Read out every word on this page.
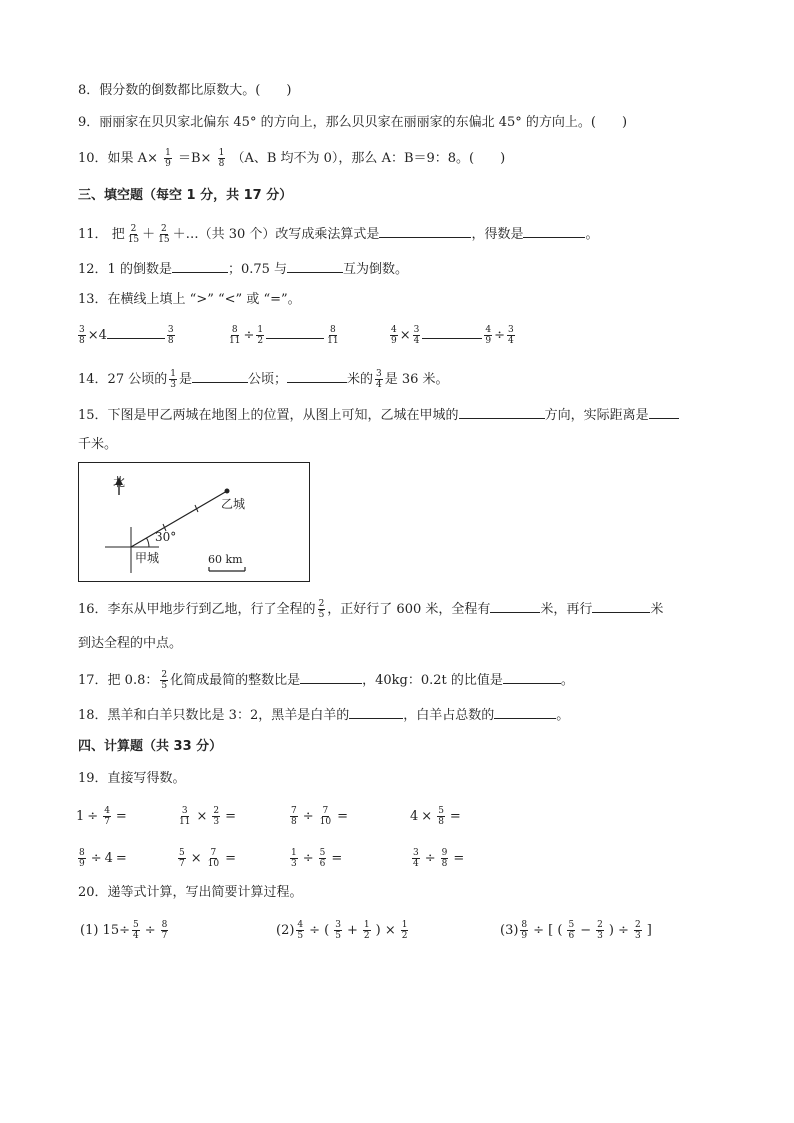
8．假分数的倒数都比原数大。(　　)
9．丽丽家在贝贝家北偏东 45° 的方向上，那么贝贝家在丽丽家的东偏北 45° 的方向上。(　　)
10．如果 $A\times \frac{1}{9} =B\times \frac{1}{8} (A$、B 均不为 0），那么 A：B＝9：8。(　　)
三、填空题（每空 1 分，共 17 分）
11． 把 $\frac{2}{15} + \frac{2}{15}$ ＋…（共 30 个）改写成乘法算式是	，得数是	。
12．1 的倒数是	；0.75 与	互为倒数。
13．在横线上填上 “>” “<” 或 “=”。
$\frac{3}{8} \times 4$	$\frac{3}{8}$	$\frac{8}{11} \div \frac{1}{2}$	$\frac{8}{11}$	$\frac{4}{9} \times \frac{3}{4}$	$\frac{4}{9} \div \frac{3}{4}$
14．27 公顷的 $\frac{1}{3}$ 是	公顷；	米的 $\frac{3}{4}$ 是 36 米。
15．下图是甲乙两城在地图上的位置，从图上可知，乙城在甲城的	方向，实际距离是
千米。
北
乙城
30°
甲城	60 km
16．李东从甲地步行到乙地，行了全程的 $\frac{2}{5}$ ，正好行了 600 米，全程有	米，再行	米
到达全程的中点。
17．把 0.8： $\frac{2}{5}$ 化简成最简的整数比是	，40kg：0.2t 的比值是	。
18．黑羊和白羊只数比是 3：2，黑羊是白羊的	，白羊占总数的	。
四、计算题（共 33 分）
19．直接写得数。
$1 \div \frac{4}{7}$ =	$\frac{3}{11} \times \frac{2}{3}$ =	$\frac{7}{8} \div \frac{7}{10}$ =	$4 \times \frac{5}{8}$ =
$\frac{8}{9} \div 4$ =	$\frac{5}{7} \times \frac{7}{10}$ =	$\frac{1}{3} \div \frac{5}{6}$ =	$\frac{3}{4} \div \frac{9}{8}$ =
20．递等式计算，写出简要计算过程。
(1) $15\div \frac{5}{4} \div \frac{8}{7}$	$(2) \frac{4}{5}$ ÷ ( $\frac{3}{5} + \frac{1}{2}$ ) × $\frac{1}{2}$	$(3) \frac{8}{9}$ ÷ [ ( $\frac{5}{6} - \frac{2}{3}$ ) ÷ $\frac{2}{3}$ ]
